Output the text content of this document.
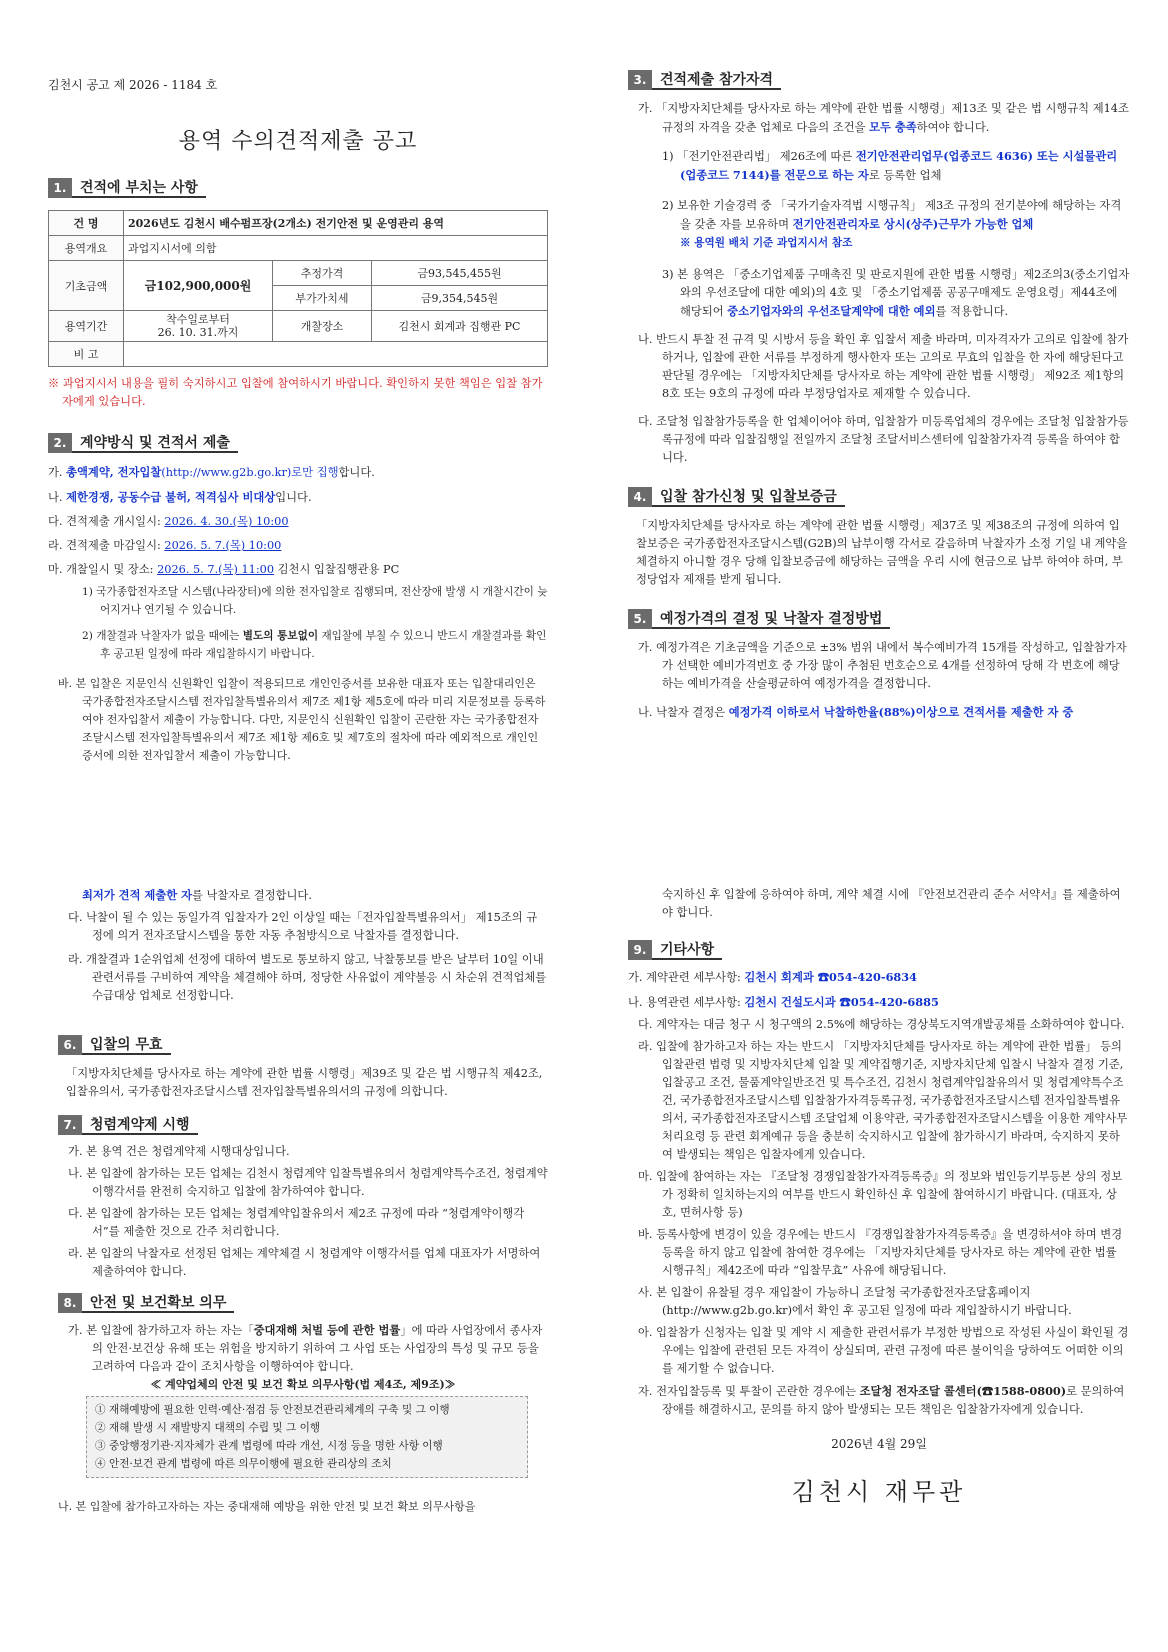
김천시 공고 제 2026 - 1184 호
용역 수의견적제출 공고
1. 견적에 부치는 사항
건 명	2026년도 김천시 배수펌프장(2개소) 전기안전 및 운영관리 용역		
용역개요	과업지시서에 의함		
기초금액	금102,900,000원	추정가격	금93,545,455원
		부가가치세	금9,354,545원
용역기간	착수일로부터
26. 10. 31.까지	개찰장소	김천시 회계과 집행관 PC
비 고			
※ 과업지시서 내용을 필히 숙지하시고 입찰에 참여하시기 바랍니다. 확인하지 못한 책임은 입찰 참가자에게 있습니다.
2. 계약방식 및 견적서 제출
가. 총액계약, 전자입찰(http://www.g2b.go.kr)로만 집행합니다.
나. 제한경쟁, 공동수급 불허, 적격심사 비대상입니다.
다. 견적제출 개시일시: 2026. 4. 30.(목) 10:00
라. 견적제출 마감일시: 2026. 5. 7.(목) 10:00
마. 개찰일시 및 장소: 2026. 5. 7.(목) 11:00 김천시 입찰집행관용 PC
1) 국가종합전자조달 시스템(나라장터)에 의한 전자입찰로 집행되며, 전산장애 발생 시 개찰시간이 늦어지거나 연기될 수 있습니다.
2) 개찰결과 낙찰자가 없을 때에는 별도의 통보없이 재입찰에 부칠 수 있으니 반드시 개찰결과를 확인 후 공고된 일정에 따라 재입찰하시기 바랍니다.
바. 본 입찰은 지문인식 신원확인 입찰이 적용되므로 개인인증서를 보유한 대표자 또는 입찰대리인은 국가종합전자조달시스템 전자입찰특별유의서 제7조 제1항 제5호에 따라 미리 지문정보를 등록하여야 전자입찰서 제출이 가능합니다. 다만, 지문인식 신원확인 입찰이 곤란한 자는 국가종합전자조달시스템 전자입찰특별유의서 제7조 제1항 제6호 및 제7호의 절차에 따라 예외적으로 개인인증서에 의한 전자입찰서 제출이 가능합니다.
3. 견적제출 참가자격
가. 「지방자치단체를 당사자로 하는 계약에 관한 법률 시행령」제13조 및 같은 법 시행규칙 제14조 규정의 자격을 갖춘 업체로 다음의 조건을 모두 충족하여야 합니다.
1) 「전기안전관리법」 제26조에 따른 전기안전관리업무(업종코드 4636) 또는 시설물관리(업종코드 7144)를 전문으로 하는 자로 등록한 업체
2) 보유한 기술경력 중 「국가기술자격법 시행규칙」 제3조 규정의 전기분야에 해당하는 자격을 갖춘 자를 보유하며 전기안전관리자로 상시(상주)근무가 가능한 업체
※ 용역원 배치 기준 과업지시서 참조
3) 본 용역은 「중소기업제품 구매촉진 및 판로지원에 관한 법률 시행령」제2조의3(중소기업자와의 우선조달에 대한 예외)의 4호 및 「중소기업제품 공공구매제도 운영요령」제44조에 해당되어 중소기업자와의 우선조달계약에 대한 예외를 적용합니다.
나. 반드시 투찰 전 규격 및 시방서 등을 확인 후 입찰서 제출 바라며, 미자격자가 고의로 입찰에 참가하거나, 입찰에 관한 서류를 부정하게 행사한자 또는 고의로 무효의 입찰을 한 자에 해당된다고 판단될 경우에는 「지방자치단체를 당사자로 하는 계약에 관한 법률 시행령」 제92조 제1항의 8호 또는 9호의 규정에 따라 부정당업자로 제재할 수 있습니다.
다. 조달청 입찰참가등록을 한 업체이어야 하며, 입찰참가 미등록업체의 경우에는 조달청 입찰참가등록규정에 따라 입찰집행일 전일까지 조달청 조달서비스센터에 입찰참가자격 등록을 하여야 합니다.
4. 입찰 참가신청 및 입찰보증금
「지방자치단체를 당사자로 하는 계약에 관한 법률 시행령」제37조 및 제38조의 규정에 의하여 입찰보증은 국가종합전자조달시스템(G2B)의 납부이행 각서로 갈음하며 낙찰자가 소정 기일 내 계약을 체결하지 아니할 경우 당해 입찰보증금에 해당하는 금액을 우리 시에 현금으로 납부 하여야 하며, 부정당업자 제재를 받게 됩니다.
5. 예정가격의 결정 및 낙찰자 결정방법
가. 예정가격은 기초금액을 기준으로 ±3% 범위 내에서 복수예비가격 15개를 작성하고, 입찰참가자가 선택한 예비가격번호 중 가장 많이 추첨된 번호순으로 4개를 선정하여 당해 각 번호에 해당하는 예비가격을 산술평균하여 예정가격을 결정합니다.
나. 낙찰자 결정은 예정가격 이하로서 낙찰하한율(88%)이상으로 견적서를 제출한 자 중
최저가 견적 제출한 자를 낙찰자로 결정합니다.
다. 낙찰이 될 수 있는 동일가격 입찰자가 2인 이상일 때는「전자입찰특별유의서」 제15조의 규정에 의거 전자조달시스템을 통한 자동 추첨방식으로 낙찰자를 결정합니다.
라. 개찰결과 1순위업체 선정에 대하여 별도로 통보하지 않고, 낙찰통보를 받은 날부터 10일 이내 관련서류를 구비하여 계약을 체결해야 하며, 정당한 사유없이 계약불응 시 차순위 견적업체를 수급대상 업체로 선정합니다.
6. 입찰의 무효
「지방자치단체를 당사자로 하는 계약에 관한 법률 시행령」제39조 및 같은 법 시행규칙 제42조, 입찰유의서, 국가종합전자조달시스템 전자입찰특별유의서의 규정에 의합니다.
7. 청렴계약제 시행
가. 본 용역 건은 청렴계약제 시행대상입니다.
나. 본 입찰에 참가하는 모든 업체는 김천시 청렴계약 입찰특별유의서 청렴계약특수조건, 청렴계약 이행각서를 완전히 숙지하고 입찰에 참가하여야 합니다.
다. 본 입찰에 참가하는 모든 업체는 청렴계약입찰유의서 제2조 규정에 따라 “청렴계약이행각서”를 제출한 것으로 간주 처리합니다.
라. 본 입찰의 낙찰자로 선정된 업체는 계약체결 시 청렴계약 이행각서를 업체 대표자가 서명하여 제출하여야 합니다.
8. 안전 및 보건확보 의무
가. 본 입찰에 참가하고자 하는 자는「중대재해 처벌 등에 관한 법률」에 따라 사업장에서 종사자의 안전·보건상 유해 또는 위험을 방지하기 위하여 그 사업 또는 사업장의 특성 및 규모 등을 고려하여 다음과 같이 조치사항을 이행하여야 합니다.
≪ 계약업체의 안전 및 보건 확보 의무사항(법 제4조, 제9조)≫
① 재해예방에 필요한 인력·예산·점검 등 안전보건관리체계의 구축 및 그 이행
② 재해 발생 시 재발방지 대책의 수립 및 그 이행
③ 중앙행정기관·지자체가 관계 법령에 따라 개선, 시정 등을 명한 사항 이행
④ 안전·보건 관계 법령에 따른 의무이행에 필요한 관리상의 조치
나. 본 입찰에 참가하고자하는 자는 중대재해 예방을 위한 안전 및 보건 확보 의무사항을
숙지하신 후 입찰에 응하여야 하며, 계약 체결 시에 『안전보건관리 준수 서약서』를 제출하여야 합니다.
9. 기타사항
가. 계약관련 세부사항: 김천시 회계과 ☎054-420-6834
나. 용역관련 세부사항: 김천시 건설도시과 ☎054-420-6885
다. 계약자는 대금 청구 시 청구액의 2.5%에 해당하는 경상북도지역개발공채를 소화하여야 합니다.
라. 입찰에 참가하고자 하는 자는 반드시 「지방자치단체를 당사자로 하는 계약에 관한 법률」 등의 입찰관련 법령 및 지방자치단체 입찰 및 계약집행기준, 지방자치단체 입찰시 낙찰자 결정 기준, 입찰공고 조건, 물품계약일반조건 및 특수조건, 김천시 청렴계약입찰유의서 및 청렴계약특수조건, 국가종합전자조달시스템 입찰참가자격등록규정, 국가종합전자조달시스템 전자입찰특별유의서, 국가종합전자조달시스템 조달업체 이용약관, 국가종합전자조달시스템을 이용한 계약사무처리요령 등 관련 회계예규 등을 충분히 숙지하시고 입찰에 참가하시기 바라며, 숙지하지 못하여 발생되는 책임은 입찰자에게 있습니다.
마. 입찰에 참여하는 자는 『조달청 경쟁입찰참가자격등록증』의 정보와 법인등기부등본 상의 정보가 정확히 일치하는지의 여부를 반드시 확인하신 후 입찰에 참여하시기 바랍니다. (대표자, 상호, 면허사항 등)
바. 등록사항에 변경이 있을 경우에는 반드시 『경쟁입찰참가자격등록증』을 변경하셔야 하며 변경등록을 하지 않고 입찰에 참여한 경우에는 「지방자치단체를 당사자로 하는 계약에 관한 법률 시행규칙」제42조에 따라 “입찰무효” 사유에 해당됩니다.
사. 본 입찰이 유찰될 경우 재입찰이 가능하니 조달청 국가종합전자조달홈페이지(http://www.g2b.go.kr)에서 확인 후 공고된 일정에 따라 재입찰하시기 바랍니다.
아. 입찰참가 신청자는 입찰 및 계약 시 제출한 관련서류가 부정한 방법으로 작성된 사실이 확인될 경우에는 입찰에 관련된 모든 자격이 상실되며, 관련 규정에 따른 불이익을 당하여도 어떠한 이의를 제기할 수 없습니다.
자. 전자입찰등록 및 투찰이 곤란한 경우에는 조달청 전자조달 콜센터(☎1588-0800)로 문의하여 장애를 해결하시고, 문의를 하지 않아 발생되는 모든 책임은 입찰참가자에게 있습니다.
2026년 4월 29일
김천시 재무관
